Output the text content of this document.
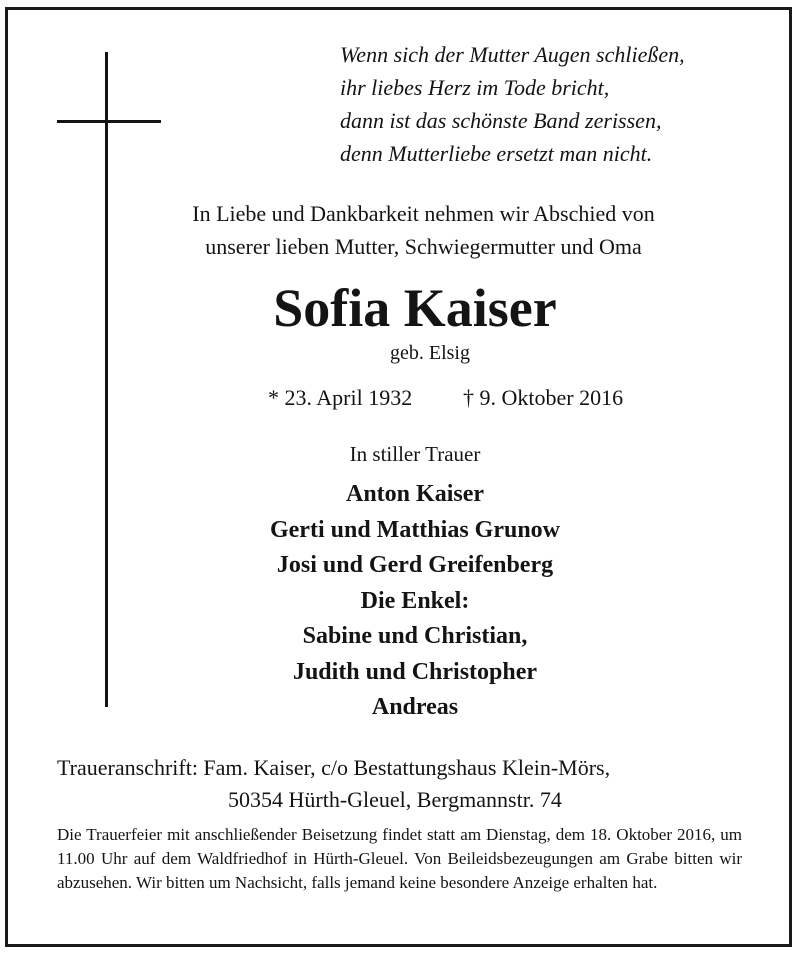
Wenn sich der Mutter Augen schließen,
ihr liebes Herz im Tode bricht,
dann ist das schönste Band zerissen,
denn Mutterliebe ersetzt man nicht.
In Liebe und Dankbarkeit nehmen wir Abschied von
unserer lieben Mutter, Schwiegermutter und Oma
Sofia Kaiser
geb. Elsig
* 23. April 1932 † 9. Oktober 2016
In stiller Trauer
Anton Kaiser
Gerti und Matthias Grunow
Josi und Gerd Greifenberg
Die Enkel:
Sabine und Christian,
Judith und Christopher
Andreas
Traueranschrift: Fam. Kaiser, c/o Bestattungshaus Klein-Mörs,
50354 Hürth-Gleuel, Bergmannstr. 74
Die Trauerfeier mit anschließender Beisetzung findet statt am Dienstag, dem 18. Oktober 2016, um 11.00 Uhr auf dem Waldfriedhof in Hürth-Gleuel. Von Beileidsbezeugungen am Grabe bitten wir abzusehen. Wir bitten um Nachsicht, falls jemand keine besondere Anzeige erhalten hat.
